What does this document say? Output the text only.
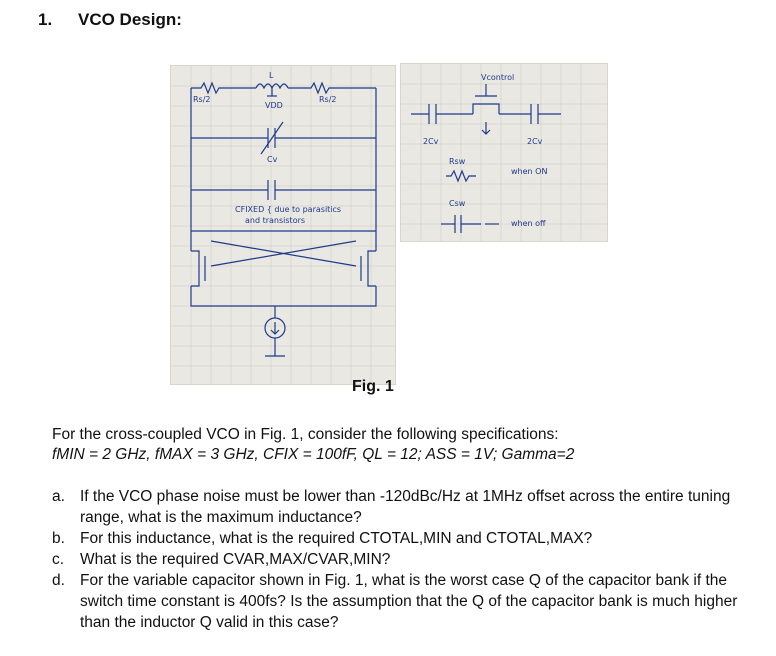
1. VCO Design:
Rs/2
L
Rs/2
VDD
Cv
CFIXED { due to parasitics
and transistors
Vcontrol
2Cv	2Cv
Rsw
when ON
Csw
when off
Fig. 1
For the cross-coupled VCO in Fig. 1, consider the following specifications:
fMIN = 2 GHz, fMAX = 3 GHz, CFIX = 100fF, QL = 12; ASS = 1V; Gamma=2
a. If the VCO phase noise must be lower than -120dBc/Hz at 1MHz offset across the entire tuning range, what is the maximum inductance?
b. For this inductance, what is the required CTOTAL,MIN and CTOTAL,MAX?
c. What is the required CVAR,MAX/CVAR,MIN?
d. For the variable capacitor shown in Fig. 1, what is the worst case Q of the capacitor bank if the switch time constant is 400fs? Is the assumption that the Q of the capacitor bank is much higher than the inductor Q valid in this case?
